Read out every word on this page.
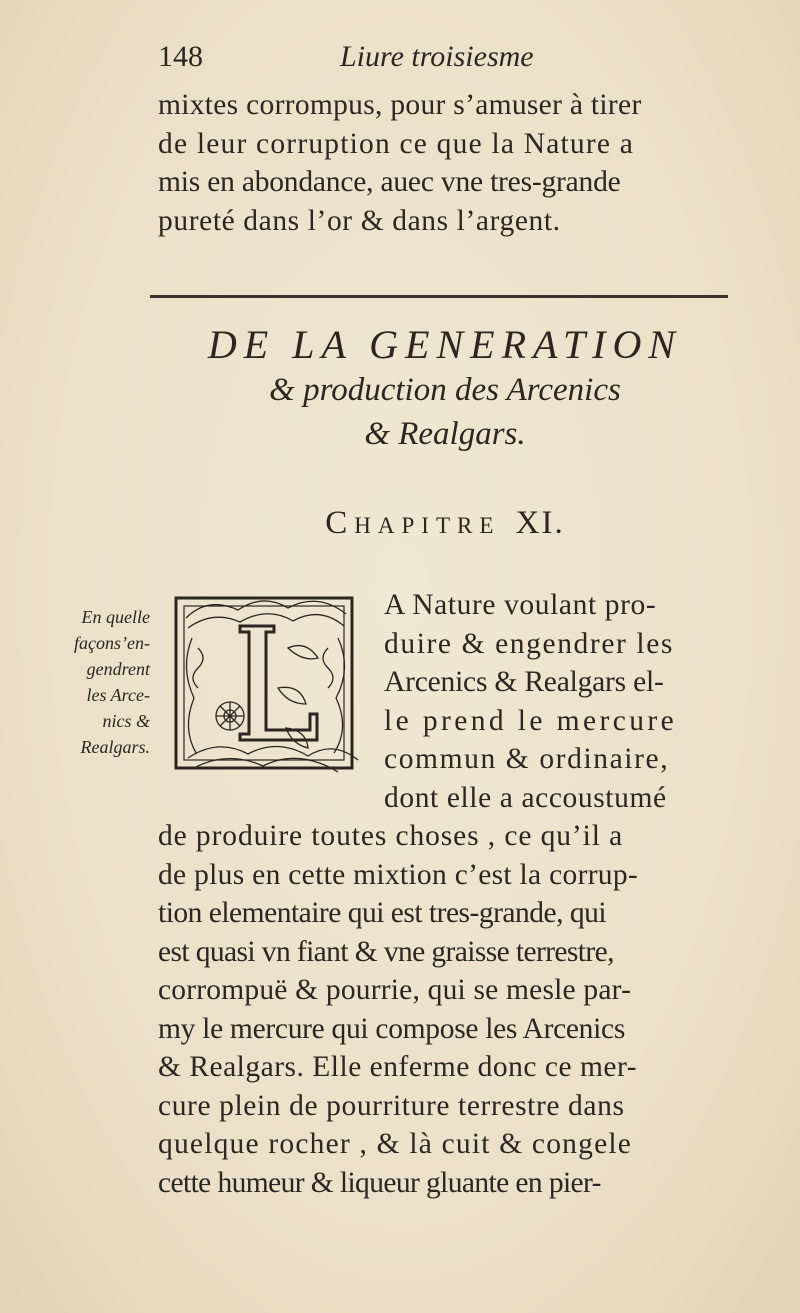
148	Liure troisiesme
mixtes corrompus, pour s’amuser à tirer
de leur corruption ce que la Nature a
mis en abondance, auec vne tres-grande
pureté dans l’or & dans l’argent.
DE LA GENERATION
& production des Arcenics
& Realgars.
CHAPITRE XI.
En quelle
façons’en-
gendrent
les Arce-
nics &
Realgars.	L
A Nature voulant pro-
duire & engendrer les
Arcenics & Realgars el-
le prend le mercure
commun & ordinaire,
dont elle a accoustumé
de produire toutes choses , ce qu’il a
de plus en cette mixtion c’est la corrup-
tion elementaire qui est tres-grande, qui
est quasi vn fiant & vne graisse terrestre,
corrompuë & pourrie, qui se mesle par-
my le mercure qui compose les Arcenics
& Realgars. Elle enferme donc ce mer-
cure plein de pourriture terrestre dans
quelque rocher , & là cuit & congele
cette humeur & liqueur gluante en pier-
